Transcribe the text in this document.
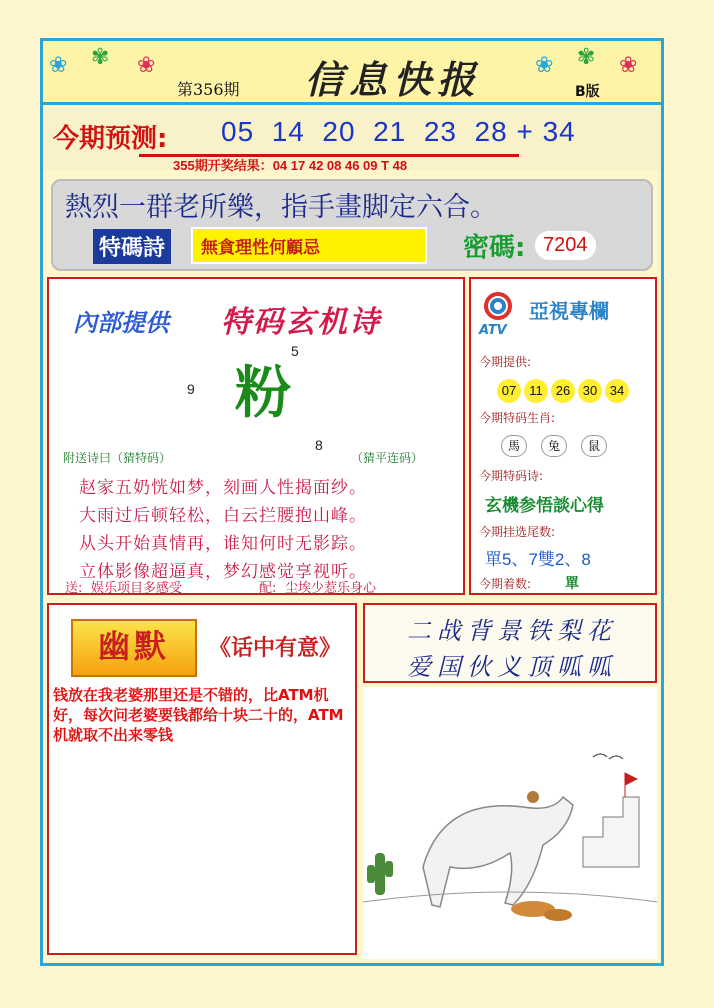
❀ ✾ ❀
第356期 信息快报 ❀ ✾ ❀
B版
今期预测: 05  14  20  21  23  28 + 34
355期开奖结果：04 17 42 08 46 09 T 48
熱烈一群老所樂，指手畫脚定六合。
特碼詩	無貪理性何顧忌	密碼: 7204
內部提供 特码玄机诗
5
9 粉
8
附送诗曰（猜特码）	（猜平连码）
赵家五奶恍如梦，刻画人性揭面纱。
大雨过后顿轻松，白云拦腰抱山峰。
从头开始真情再，谁知何时无影踪。
立体影像超逼真，梦幻感觉享视听。
送: 娱乐项目多感受	配: 尘埃少惹乐身心
亞視專欄
ATV
今期提供:
07 11 26 30 34
今期特码生肖:
馬 兔 鼠
今期特码诗:
玄機参悟談心得
今期挂选尾数:
單5、7雙2、8
今期着数: 單
幽默	《话中有意》
钱放在我老婆那里还是不错的，比ATM机好，每次问老婆要钱都给十块二十的，ATM机就取不出来零钱
二战背景铁梨花
爱国伙义顶呱呱
